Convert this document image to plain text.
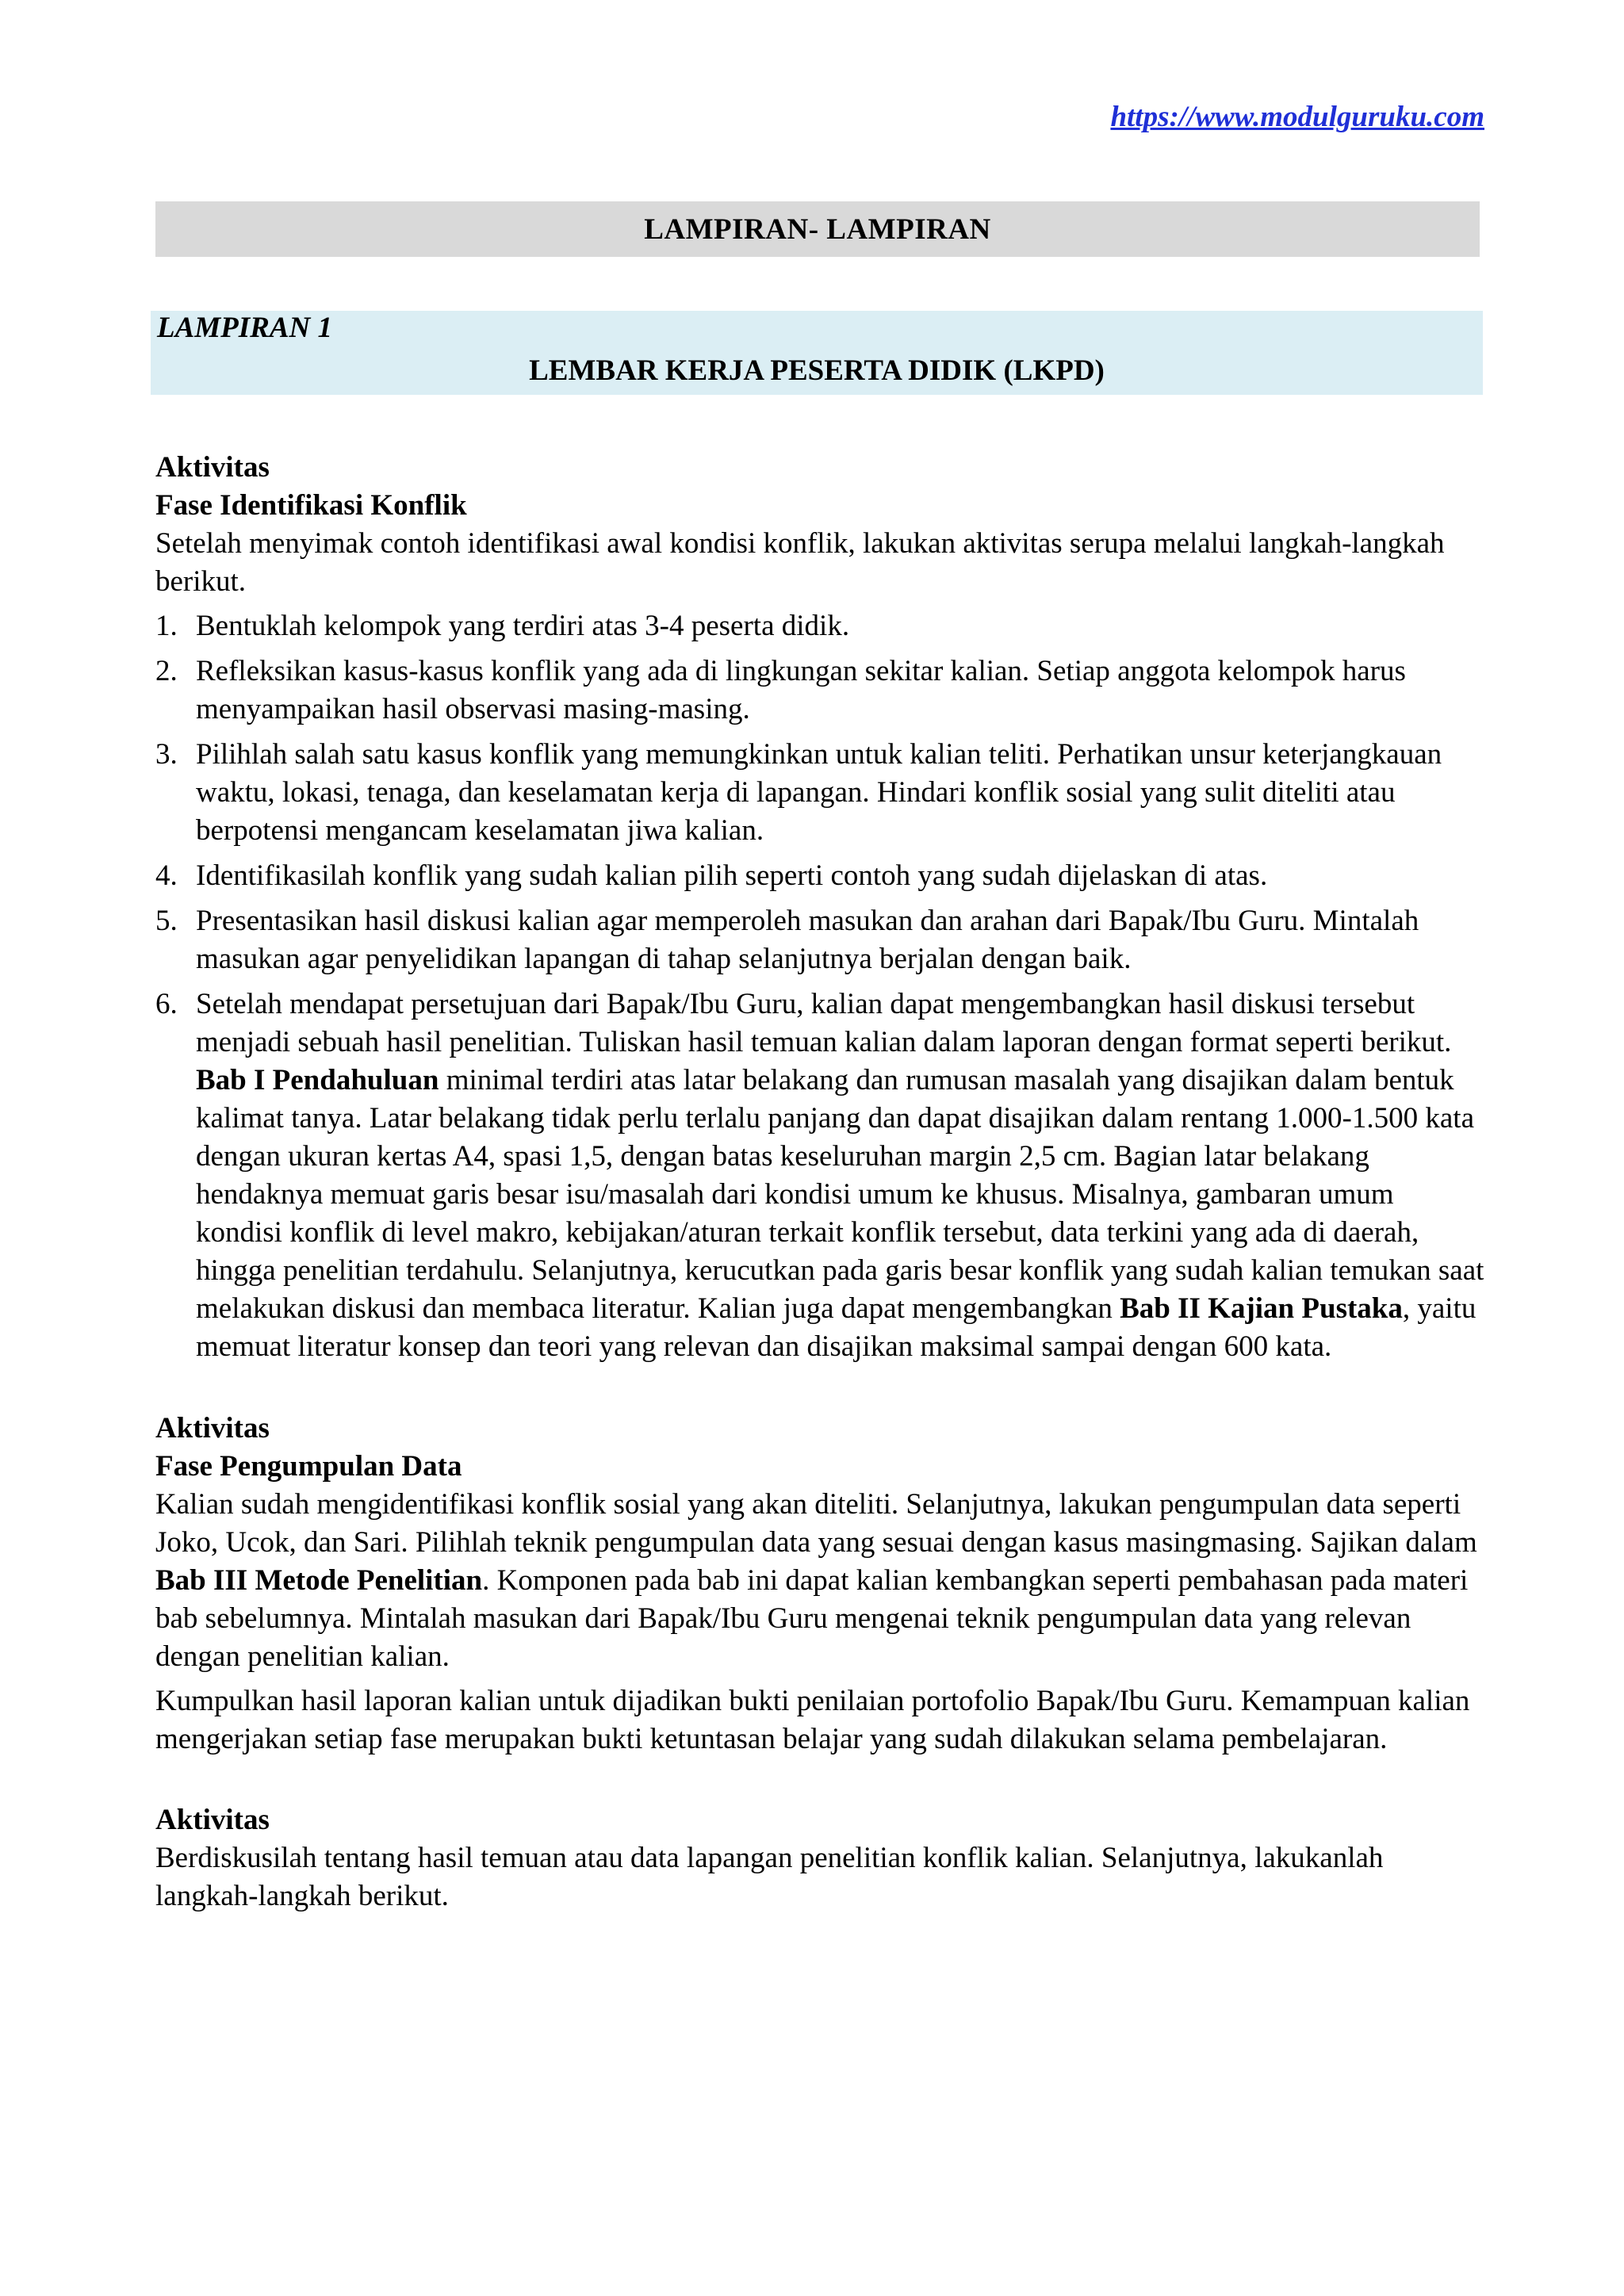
https://www.modulguruku.com
LAMPIRAN- LAMPIRAN
LAMPIRAN 1
LEMBAR KERJA PESERTA DIDIK (LKPD)

Aktivitas

Fase Identifikasi Konflik

Setelah menyimak contoh identifikasi awal kondisi konflik, lakukan aktivitas serupa melalui langkah-langkah berikut.

1. Bentuklah kelompok yang terdiri atas 3-4 peserta didik.
2. Refleksikan kasus-kasus konflik yang ada di lingkungan sekitar kalian. Setiap anggota kelompok harus menyampaikan hasil observasi masing-masing.
3. Pilihlah salah satu kasus konflik yang memungkinkan untuk kalian teliti. Perhatikan unsur keterjangkauan waktu, lokasi, tenaga, dan keselamatan kerja di lapangan. Hindari konflik sosial yang sulit diteliti atau berpotensi mengancam keselamatan jiwa kalian.
4. Identifikasilah konflik yang sudah kalian pilih seperti contoh yang sudah dijelaskan di atas.
5. Presentasikan hasil diskusi kalian agar memperoleh masukan dan arahan dari Bapak/Ibu Guru. Mintalah masukan agar penyelidikan lapangan di tahap selanjutnya berjalan dengan baik.
6. Setelah mendapat persetujuan dari Bapak/Ibu Guru, kalian dapat mengembangkan hasil diskusi tersebut menjadi sebuah hasil penelitian. Tuliskan hasil temuan kalian dalam laporan dengan format seperti berikut. Bab I Pendahuluan minimal terdiri atas latar belakang dan rumusan masalah yang disajikan dalam bentuk kalimat tanya. Latar belakang tidak perlu terlalu panjang dan dapat disajikan dalam rentang 1.000-1.500 kata dengan ukuran kertas A4, spasi 1,5, dengan batas keseluruhan margin 2,5 cm. Bagian latar belakang hendaknya memuat garis besar isu/masalah dari kondisi umum ke khusus. Misalnya, gambaran umum kondisi konflik di level makro, kebijakan/aturan terkait konflik tersebut, data terkini yang ada di daerah, hingga penelitian terdahulu. Selanjutnya, kerucutkan pada garis besar konflik yang sudah kalian temukan saat melakukan diskusi dan membaca literatur. Kalian juga dapat mengembangkan Bab II Kajian Pustaka, yaitu memuat literatur konsep dan teori yang relevan dan disajikan maksimal sampai dengan 600 kata.

Aktivitas

Fase Pengumpulan Data

Kalian sudah mengidentifikasi konflik sosial yang akan diteliti. Selanjutnya, lakukan pengumpulan data seperti Joko, Ucok, dan Sari. Pilihlah teknik pengumpulan data yang sesuai dengan kasus masingmasing. Sajikan dalam Bab III Metode Penelitian. Komponen pada bab ini dapat kalian kembangkan seperti pembahasan pada materi bab sebelumnya. Mintalah masukan dari Bapak/Ibu Guru mengenai teknik pengumpulan data yang relevan dengan penelitian kalian.

Kumpulkan hasil laporan kalian untuk dijadikan bukti penilaian portofolio Bapak/Ibu Guru. Kemampuan kalian mengerjakan setiap fase merupakan bukti ketuntasan belajar yang sudah dilakukan selama pembelajaran.

Aktivitas

Berdiskusilah tentang hasil temuan atau data lapangan penelitian konflik kalian. Selanjutnya, lakukanlah langkah-langkah berikut.
